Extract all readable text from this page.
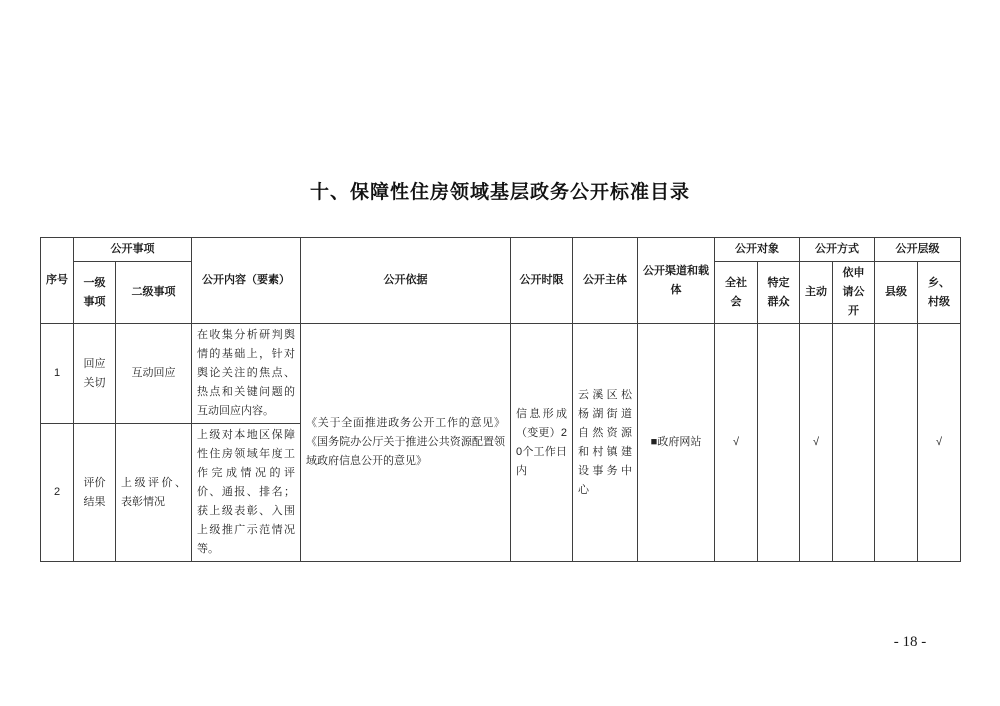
十、保障性住房领域基层政务公开标准目录
序号	公开事项		公开内容（要素）	公开依据	公开时限	公开主体	公开渠道和载体	公开对象		公开方式		公开层级	
	一级事项	二级事项						全社会	特定群众	主动	依申请公开	县级	乡、村级
1	回应关切	互动回应	在收集分析研判舆情的基础上，针对舆论关注的焦点、热点和关键问题的互动回应内容。	《关于全面推进政务公开工作的意见》《国务院办公厅关于推进公共资源配置领域政府信息公开的意见》	信息形成（变更）20个工作日内	云溪区松杨湖街道自然资源和村镇建设事务中心	■政府网站	√		√			√
2	评价结果	上级评价、表彰情况	上级对本地区保障性住房领域年度工作完成情况的评价、通报、排名；获上级表彰、入围上级推广示范情况等。										
- 18 -
